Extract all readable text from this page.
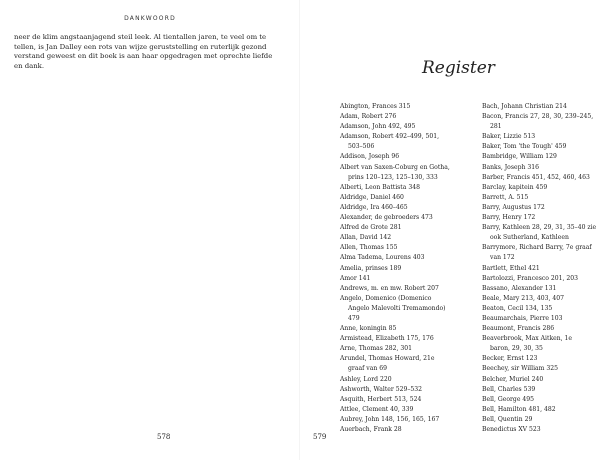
DANKWOORD

neer de klim angstaanjagend steil leek. Al tientallen jaren, te veel om te
tellen, is Jan Dalley een rots van wijze geruststelling en ruterlijk gezond
verstand geweest en dit boek is aan haar opgedragen met oprechte liefde
en dank.

578
Register
Abington, Frances 315
Adam, Robert 276
Adamson, John 492, 495
Adamson, Robert 492–499, 501,
503–506
Addison, Joseph 96
Albert van Saxen-Coburg en Gotha,
prins 120–123, 125–130, 333
Alberti, Leon Battista 348
Aldridge, Daniel 460
Aldridge, Ira 460–465
Alexander, de gebroeders 473
Alfred de Grote 281
Allan, David 142
Allen, Thomas 155
Alma Tadema, Lourens 403
Amelia, prinses 189
Amor 141
Andrews, m. en mw. Robert 207
Angelo, Domenico (Domenico
Angelo Malevolti Tremamondo)
479
Anne, koningin 85
Armistead, Elizabeth 175, 176
Arne, Thomas 282, 301
Arundel, Thomas Howard, 21e
graaf van 69
Ashley, Lord 220
Ashworth, Walter 529–532
Asquith, Herbert 513, 524
Attlee, Clement 40, 339
Aubrey, John 148, 156, 165, 167
Auerbach, Frank 28
Bach, Johann Christian 214
Bacon, Francis 27, 28, 30, 239–245,
281
Baker, Lizzie 513
Baker, Tom 'the Tough' 459
Bambridge, William 129
Banks, Joseph 316
Barber, Francis 451, 452, 460, 463
Barclay, kapitein 459
Barrett, A. 515
Barry, Augustus 172
Barry, Henry 172
Barry, Kathleen 28, 29, 31, 35–40 zie
ook Sutherland, Kathleen
Barrymore, Richard Barry, 7e graaf
van 172
Bartlett, Ethel 421
Bartolozzi, Francesco 201, 203
Bassano, Alexander 131
Beale, Mary 213, 403, 407
Beaton, Cecil 134, 135
Beaumarchais, Pierre 103
Beaumont, Francis 286
Beaverbrook, Max Aitken, 1e
baron, 29, 30, 35
Becker, Ernst 123
Beechey, sir William 325
Belcher, Muriel 240
Bell, Charles 539
Bell, George 495
Bell, Hamilton 481, 482
Bell, Quentin 29
Benedictus XV 523
579
